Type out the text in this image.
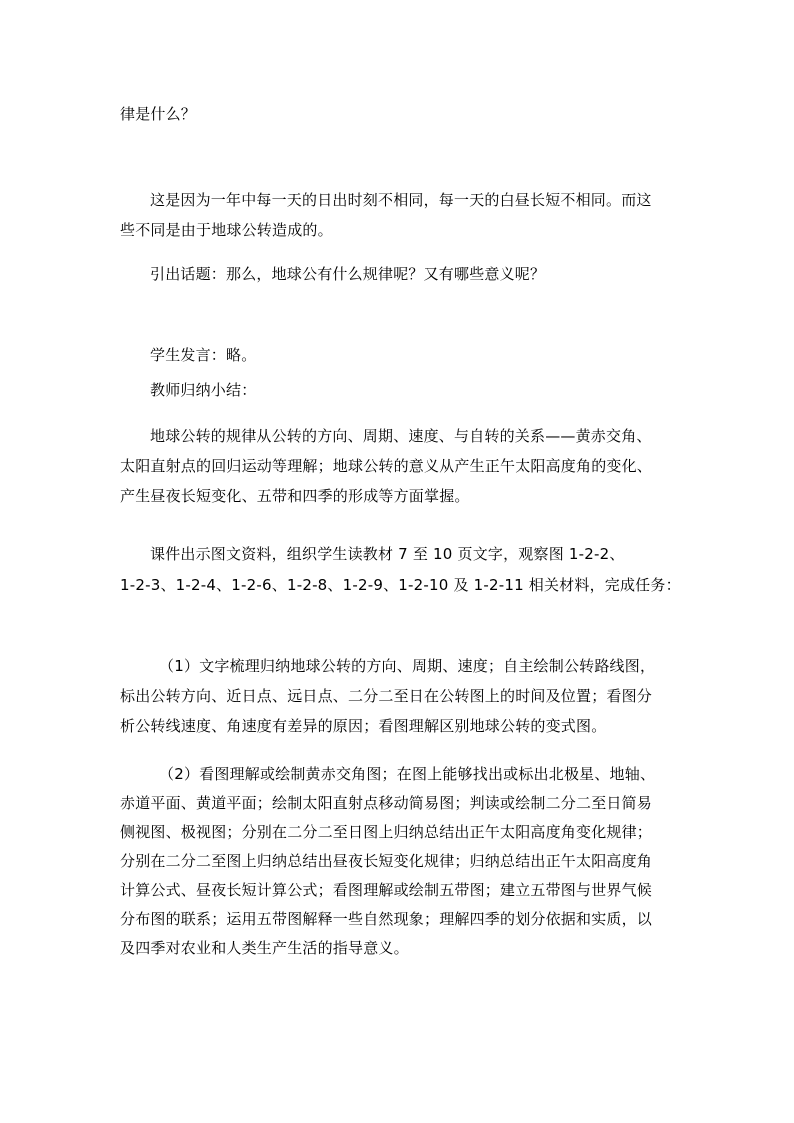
律是什么？
这是因为一年中每一天的日出时刻不相同，每一天的白昼长短不相同。而这
些不同是由于地球公转造成的。
引出话题：那么，地球公有什么规律呢？又有哪些意义呢？
学生发言：略。
教师归纳小结：
地球公转的规律从公转的方向、周期、速度、与自转的关系——黄赤交角、
太阳直射点的回归运动等理解；地球公转的意义从产生正午太阳高度角的变化、
产生昼夜长短变化、五带和四季的形成等方面掌握。
课件出示图文资料，组织学生读教材 7 至 10 页文字，观察图 1-2-2、
1-2-3、1-2-4、1-2-6、1-2-8、1-2-9、1-2-10 及 1-2-11 相关材料，完成任务：
（1）文字梳理归纳地球公转的方向、周期、速度；自主绘制公转路线图，
标出公转方向、近日点、远日点、二分二至日在公转图上的时间及位置；看图分
析公转线速度、角速度有差异的原因；看图理解区别地球公转的变式图。
（2）看图理解或绘制黄赤交角图；在图上能够找出或标出北极星、地轴、
赤道平面、黄道平面；绘制太阳直射点移动简易图；判读或绘制二分二至日简易
侧视图、极视图；分别在二分二至日图上归纳总结出正午太阳高度角变化规律；
分别在二分二至图上归纳总结出昼夜长短变化规律；归纳总结出正午太阳高度角
计算公式、昼夜长短计算公式；看图理解或绘制五带图；建立五带图与世界气候
分布图的联系；运用五带图解释一些自然现象；理解四季的划分依据和实质，以
及四季对农业和人类生产生活的指导意义。
